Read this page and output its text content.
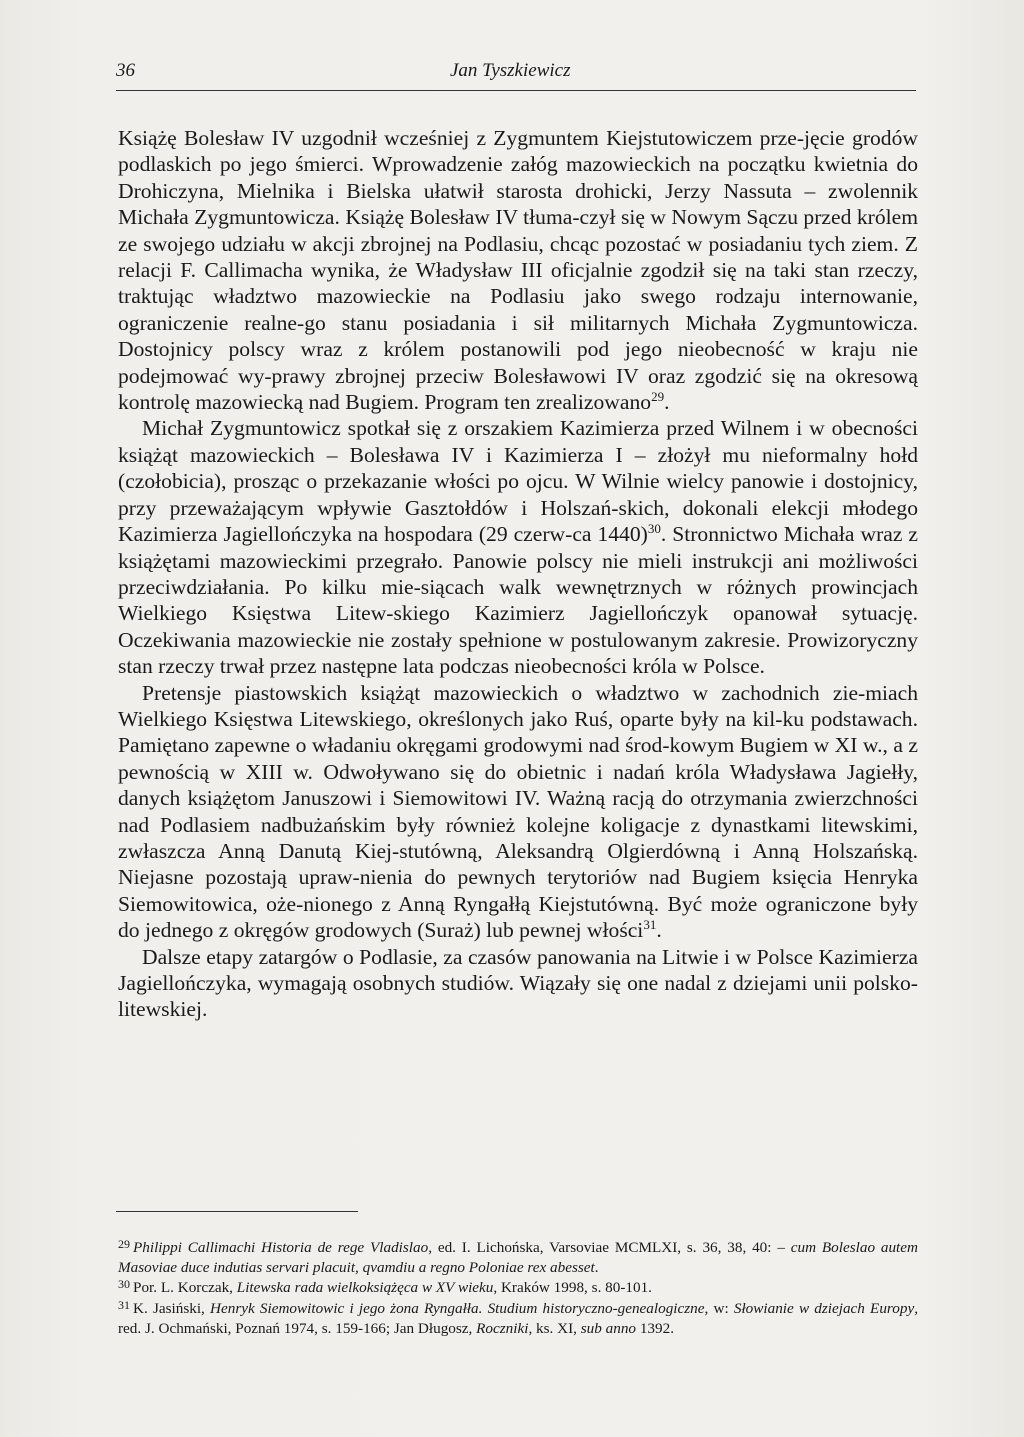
36	Jan Tyszkiewicz

Książę Bolesław IV uzgodnił wcześniej z Zygmuntem Kiejstutowiczem prze-jęcie grodów podlaskich po jego śmierci. Wprowadzenie załóg mazowieckich na początku kwietnia do Drohiczyna, Mielnika i Bielska ułatwił starosta drohicki, Jerzy Nassuta – zwolennik Michała Zygmuntowicza. Książę Bolesław IV tłuma-czył się w Nowym Sączu przed królem ze swojego udziału w akcji zbrojnej na Podlasiu, chcąc pozostać w posiadaniu tych ziem. Z relacji F. Callimacha wynika, że Władysław III oficjalnie zgodził się na taki stan rzeczy, traktując władztwo mazowieckie na Podlasiu jako swego rodzaju internowanie, ograniczenie realne-go stanu posiadania i sił militarnych Michała Zygmuntowicza. Dostojnicy polscy wraz z królem postanowili pod jego nieobecność w kraju nie podejmować wy-prawy zbrojnej przeciw Bolesławowi IV oraz zgodzić się na okresową kontrolę mazowiecką nad Bugiem. Program ten zrealizowano$^{29}$.

Michał Zygmuntowicz spotkał się z orszakiem Kazimierza przed Wilnem i w obecności książąt mazowieckich – Bolesława IV i Kazimierza I – złożył mu nieformalny hołd (czołobicia), prosząc o przekazanie włości po ojcu. W Wilnie wielcy panowie i dostojnicy, przy przeważającym wpływie Gasztołdów i Holszań-skich, dokonali elekcji młodego Kazimierza Jagiellończyka na hospodara (29 czerw-ca 1440)$^{30}$. Stronnictwo Michała wraz z książętami mazowieckimi przegrało. Panowie polscy nie mieli instrukcji ani możliwości przeciwdziałania. Po kilku mie-siącach walk wewnętrznych w różnych prowincjach Wielkiego Księstwa Litew-skiego Kazimierz Jagiellończyk opanował sytuację. Oczekiwania mazowieckie nie zostały spełnione w postulowanym zakresie. Prowizoryczny stan rzeczy trwał przez następne lata podczas nieobecności króla w Polsce.

Pretensje piastowskich książąt mazowieckich o władztwo w zachodnich zie-miach Wielkiego Księstwa Litewskiego, określonych jako Ruś, oparte były na kil-ku podstawach. Pamiętano zapewne o władaniu okręgami grodowymi nad środ-kowym Bugiem w XI w., a z pewnością w XIII w. Odwoływano się do obietnic i nadań króla Władysława Jagiełły, danych książętom Januszowi i Siemowitowi IV. Ważną racją do otrzymania zwierzchności nad Podlasiem nadbużańskim były również kolejne koligacje z dynastkami litewskimi, zwłaszcza Anną Danutą Kiej-stutówną, Aleksandrą Olgierdówną i Anną Holszańską. Niejasne pozostają upraw-nienia do pewnych terytoriów nad Bugiem księcia Henryka Siemowitowica, oże-nionego z Anną Ryngałłą Kiejstutówną. Być może ograniczone były do jednego z okręgów grodowych (Suraż) lub pewnej włości$^{31}$.

Dalsze etapy zatargów o Podlasie, za czasów panowania na Litwie i w Polsce Kazimierza Jagiellończyka, wymagają osobnych studiów. Wiązały się one nadal z dziejami unii polsko-litewskiej.

$^{29}$ Philippi Callimachi Historia de rege Vladislao, ed. I. Lichońska, Varsoviae MCMLXI, s. 36, 38, 40: – cum Boleslao autem Masoviae duce indutias servari placuit, qvamdiu a regno Poloniae rex abesset.

$^{30}$ Por. L. Korczak, Litewska rada wielkoksiążęca w XV wieku, Kraków 1998, s. 80-101.

$^{31}$ K. Jasiński, Henryk Siemowitowic i jego żona Ryngałła. Studium historyczno-genealogiczne, w: Słowianie w dziejach Europy, red. J. Ochmański, Poznań 1974, s. 159-166; Jan Długosz, Roczniki, ks. XI, sub anno 1392.
